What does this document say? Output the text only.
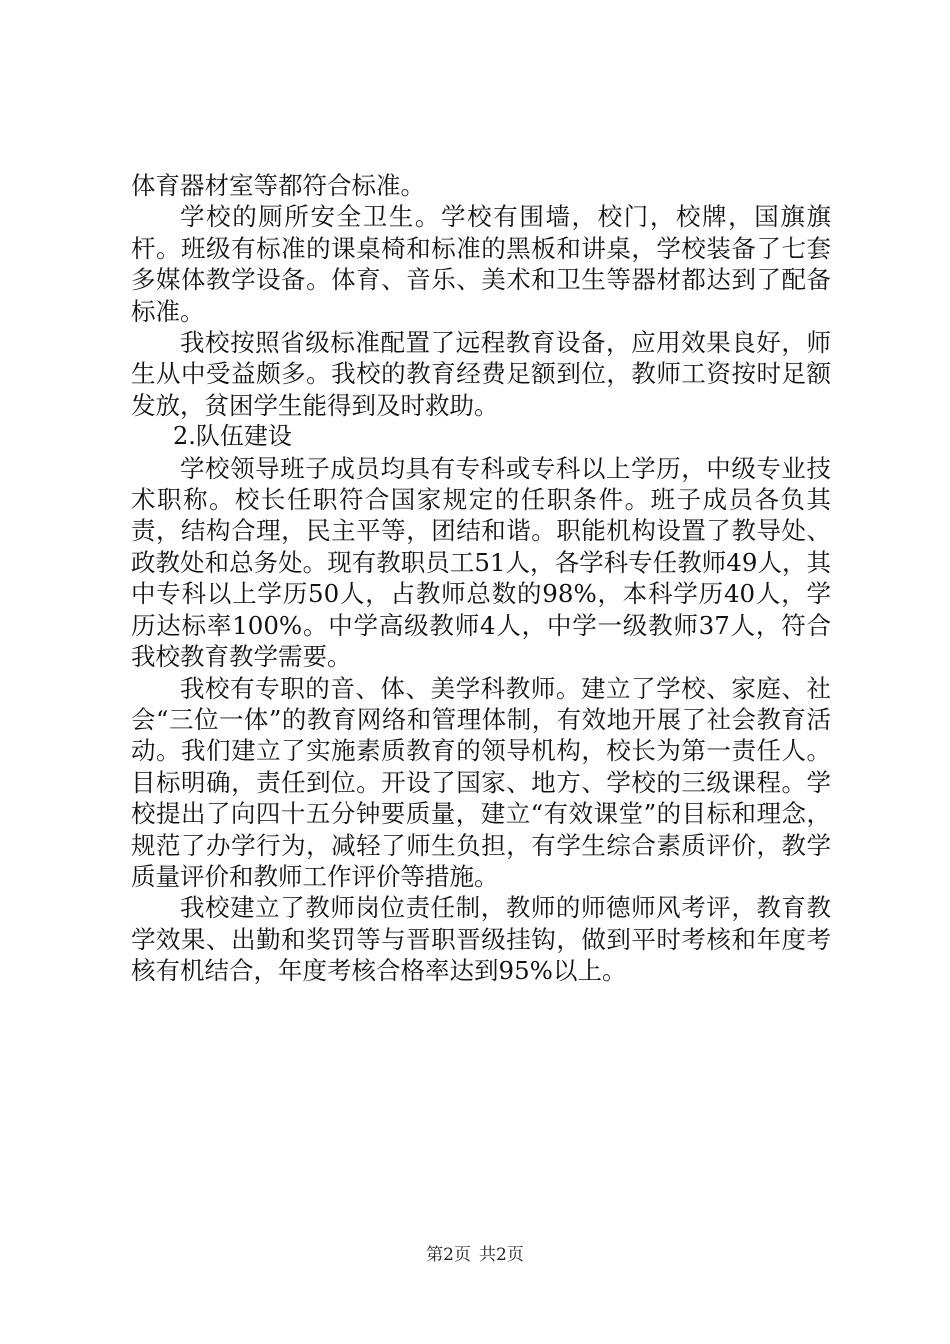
体育器材室等都符合标准。

学校的厕所安全卫生。学校有围墙，校门，校牌，国旗旗杆。班级有标准的课桌椅和标准的黑板和讲桌，学校装备了七套多媒体教学设备。体育、音乐、美术和卫生等器材都达到了配备标准。

我校按照省级标准配置了远程教育设备，应用效果良好，师生从中受益颇多。我校的教育经费足额到位，教师工资按时足额发放，贫困学生能得到及时救助。

2.队伍建设

学校领导班子成员均具有专科或专科以上学历，中级专业技术职称。校长任职符合国家规定的任职条件。班子成员各负其责，结构合理，民主平等，团结和谐。职能机构设置了教导处、政教处和总务处。现有教职员工51人，各学科专任教师49人，其中专科以上学历50人，占教师总数的98%，本科学历40人，学历达标率100%。中学高级教师4人，中学一级教师37人，符合我校教育教学需要。

我校有专职的音、体、美学科教师。建立了学校、家庭、社会“三位一体”的教育网络和管理体制，有效地开展了社会教育活动。我们建立了实施素质教育的领导机构，校长为第一责任人。目标明确，责任到位。开设了国家、地方、学校的三级课程。学校提出了向四十五分钟要质量，建立“有效课堂”的目标和理念，规范了办学行为，减轻了师生负担，有学生综合素质评价，教学质量评价和教师工作评价等措施。

我校建立了教师岗位责任制，教师的师德师风考评，教育教学效果、出勤和奖罚等与晋职晋级挂钩，做到平时考核和年度考核有机结合，年度考核合格率达到95%以上。

第2页 共2页
